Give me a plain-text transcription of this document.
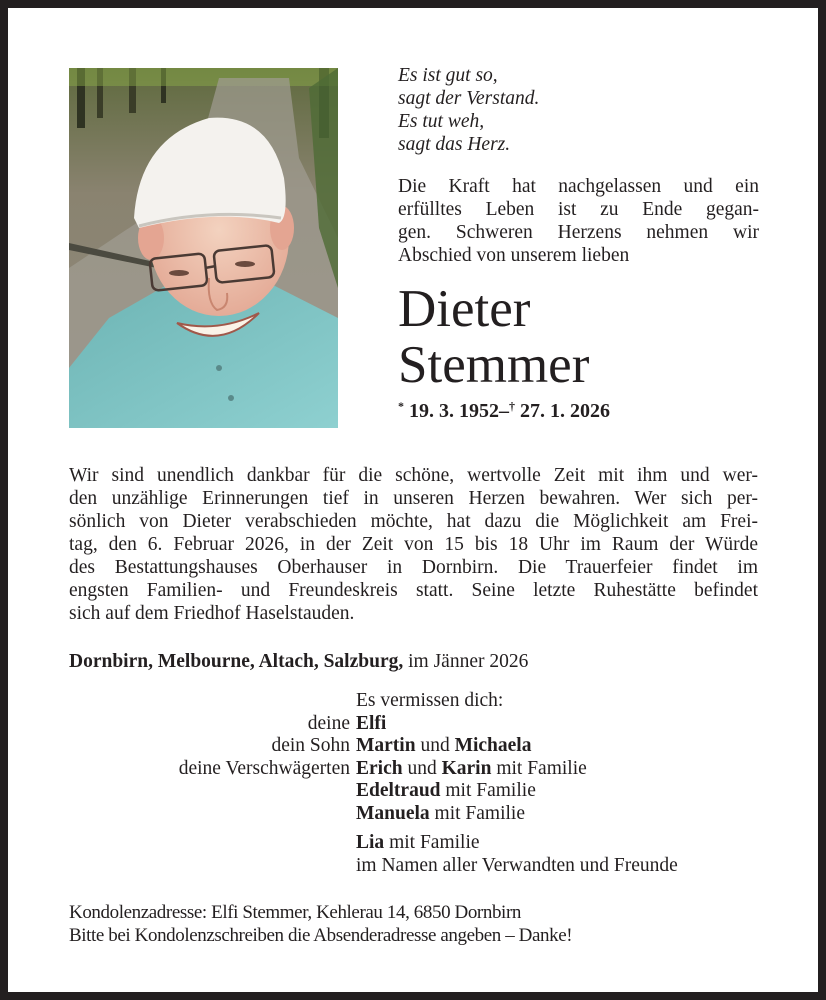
Es ist gut so,
sagt der Verstand.
Es tut weh,
sagt das Herz.
Die Kraft hat nachgelassen und ein
erfülltes Leben ist zu Ende gegan-
gen. Schweren Herzens nehmen wir
Abschied von unserem lieben
Dieter
Stemmer
* 19. 3. 1952–† 27. 1. 2026
Wir sind unendlich dankbar für die schöne, wertvolle Zeit mit ihm und wer-
den unzählige Erinnerungen tief in unseren Herzen bewahren. Wer sich per-
sönlich von Dieter verabschieden möchte, hat dazu die Möglichkeit am Frei-
tag, den 6. Februar 2026, in der Zeit von 15 bis 18 Uhr im Raum der Würde
des Bestattungshauses Oberhauser in Dornbirn. Die Trauerfeier findet im
engsten Familien- und Freundeskreis statt. Seine letzte Ruhestätte befindet
sich auf dem Friedhof Haselstauden.
Dornbirn, Melbourne, Altach, Salzburg, im Jänner 2026
Es vermissen dich:
deine Elfi
dein Sohn Martin und Michaela
deine Verschwägerten Erich und Karin mit Familie
Edeltraud mit Familie
Manuela mit Familie
Lia mit Familie
im Namen aller Verwandten und Freunde
Kondolenzadresse: Elfi Stemmer, Kehlerau 14, 6850 Dornbirn
Bitte bei Kondolenzschreiben die Absenderadresse angeben – Danke!
